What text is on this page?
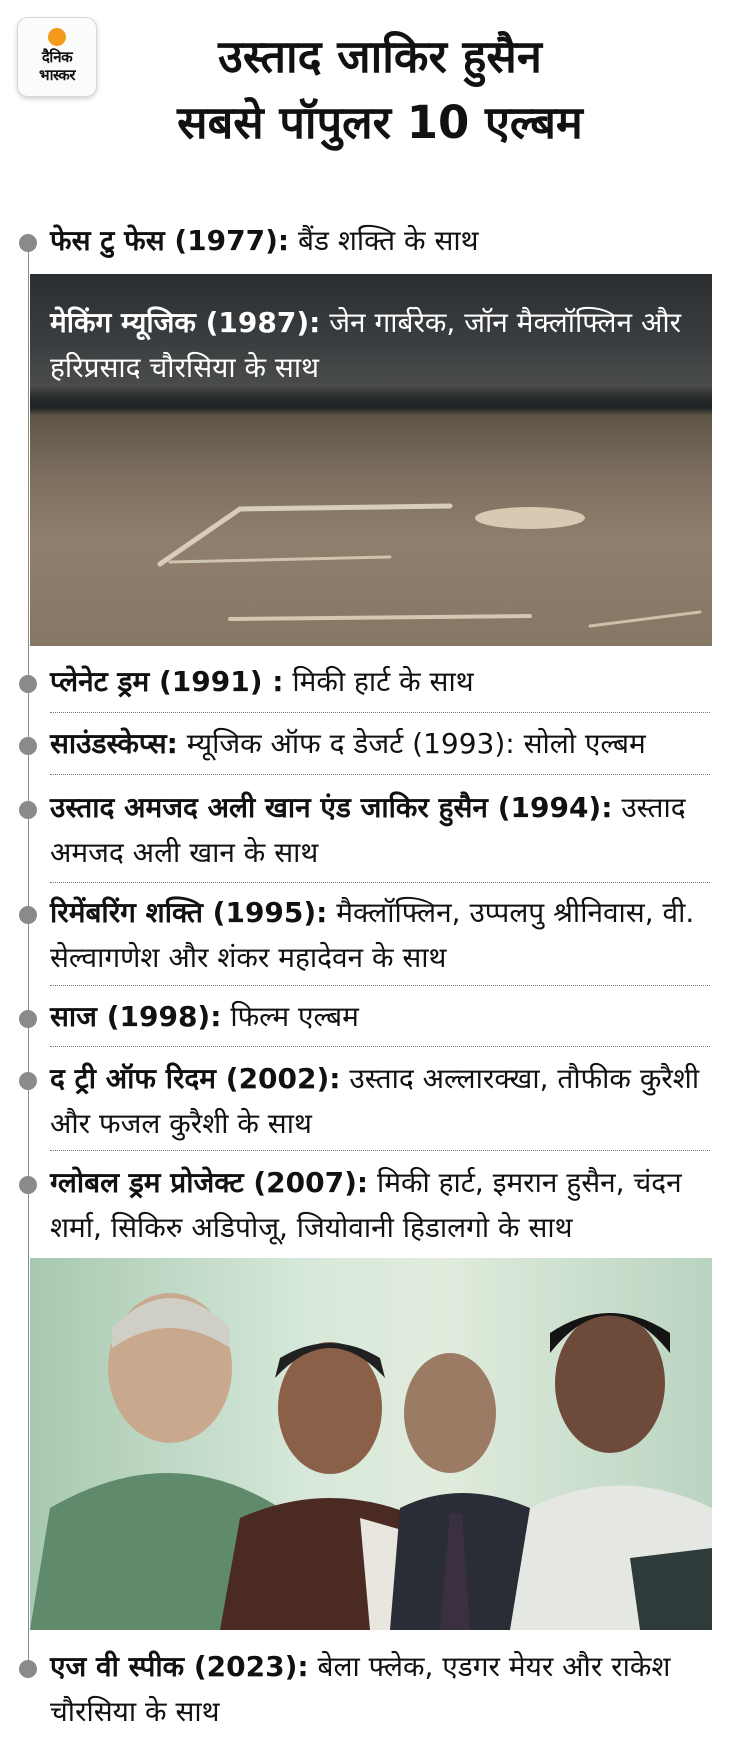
दैनिक
भास्कर	उस्ताद जाकिर हुसैन
सबसे पॉपुलर 10 एल्बम
फेस टु फेस (1977): बैंड शक्ति के साथ
मेकिंग म्यूजिक (1987): जेन गार्बरेक, जॉन मैक्लॉफ्लिन और हरिप्रसाद चौरसिया के साथ
प्लेनेट ड्रम (1991) : मिकी हार्ट के साथ
साउंडस्केप्स: म्यूजिक ऑफ द डेजर्ट (1993): सोलो एल्बम
उस्ताद अमजद अली खान एंड जाकिर हुसैन (1994): उस्ताद अमजद अली खान के साथ
रिमेंबरिंग शक्ति (1995): मैक्लॉफ्लिन, उप्पलपु श्रीनिवास, वी. सेल्वागणेश और शंकर महादेवन के साथ
साज (1998): फिल्म एल्बम
द ट्री ऑफ रिदम (2002): उस्ताद अल्लारक्खा, तौफीक कुरैशी और फजल कुरैशी के साथ
ग्लोबल ड्रम प्रोजेक्ट (2007): मिकी हार्ट, इमरान हुसैन, चंदन शर्मा, सिकिरु अडिपोजू, जियोवानी हिडालगो के साथ
एज वी स्पीक (2023): बेला फ्लेक, एडगर मेयर और राकेश चौरसिया के साथ
